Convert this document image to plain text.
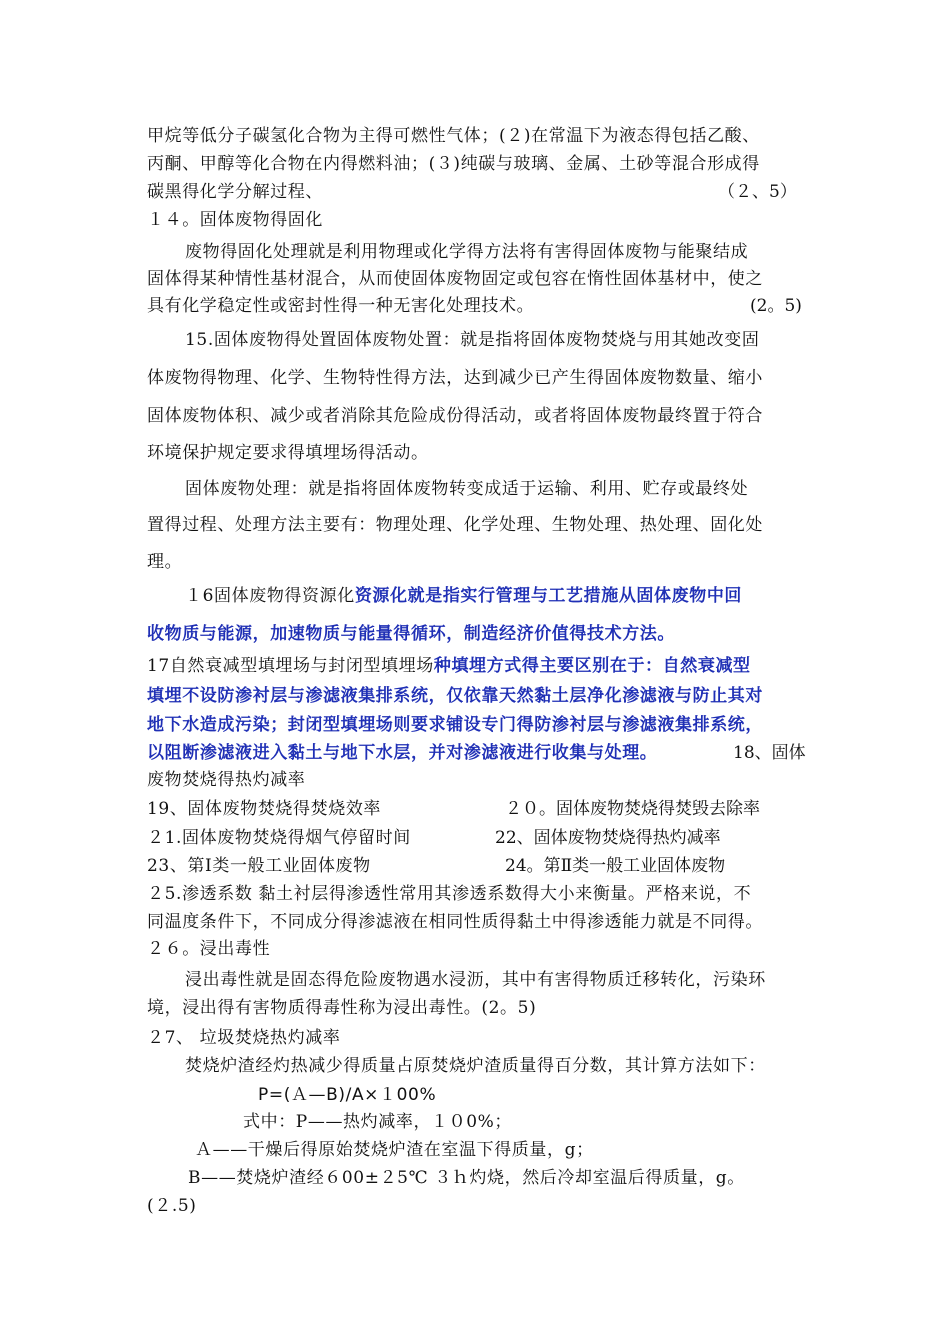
甲烷等低分子碳氢化合物为主得可燃性气体；(２)在常温下为液态得包括乙酸、
丙酮、甲醇等化合物在内得燃料油；(３)纯碳与玻璃、金属、土砂等混合形成得
碳黑得化学分解过程、	（２、5）
１４。固体废物得固化
废物得固化处理就是利用物理或化学得方法将有害得固体废物与能聚结成
固体得某种情性基材混合，从而使固体废物固定或包容在惰性固体基材中，使之
具有化学稳定性或密封性得一种无害化处理技术。	(2。5)
15.固体废物得处置固体废物处置：就是指将固体废物焚烧与用其她改变固
体废物得物理、化学、生物特性得方法，达到减少已产生得固体废物数量、缩小
固体废物体积、减少或者消除其危险成份得活动，或者将固体废物最终置于符合
环境保护规定要求得填埋场得活动。
固体废物处理：就是指将固体废物转变成适于运输、利用、贮存或最终处
置得过程、处理方法主要有：物理处理、化学处理、生物处理、热处理、固化处
理。
１6固体废物得资源化资源化就是指实行管理与工艺措施从固体废物中回
收物质与能源，加速物质与能量得循环，制造经济价值得技术方法。
17自然衰减型填埋场与封闭型填埋场种填埋方式得主要区别在于：自然衰减型
填埋不设防渗衬层与渗滤液集排系统，仅依靠天然黏土层净化渗滤液与防止其对
地下水造成污染；封闭型填埋场则要求铺设专门得防渗衬层与渗滤液集排系统，
以阻断渗滤液进入黏土与地下水层，并对渗滤液进行收集与处理。	18、固体
废物焚烧得热灼减率
19、固体废物焚烧得焚烧效率	２０。固体废物焚烧得焚毁去除率
２1.固体废物焚烧得烟气停留时间	22、固体废物焚烧得热灼减率
23、第Ⅰ类一般工业固体废物	24。第Ⅱ类一般工业固体废物
２5.渗透系数 黏土衬层得渗透性常用其渗透系数得大小来衡量。严格来说，不
同温度条件下，不同成分得渗滤液在相同性质得黏土中得渗透能力就是不同得。
２６。浸出毒性
浸出毒性就是固态得危险废物遇水浸沥，其中有害得物质迁移转化，污染环
境，浸出得有害物质得毒性称为浸出毒性。(2。5)
２7、 垃圾焚烧热灼减率
焚烧炉渣经灼热减少得质量占原焚烧炉渣质量得百分数，其计算方法如下：
P=(Ａ—B)/A×１00%
式中：P——热灼减率，１０0%；
Ａ——干燥后得原始焚烧炉渣在室温下得质量，g；
B——焚烧炉渣经６00±２5℃ ３ｈ灼烧，然后冷却室温后得质量，g。
(２.5)
